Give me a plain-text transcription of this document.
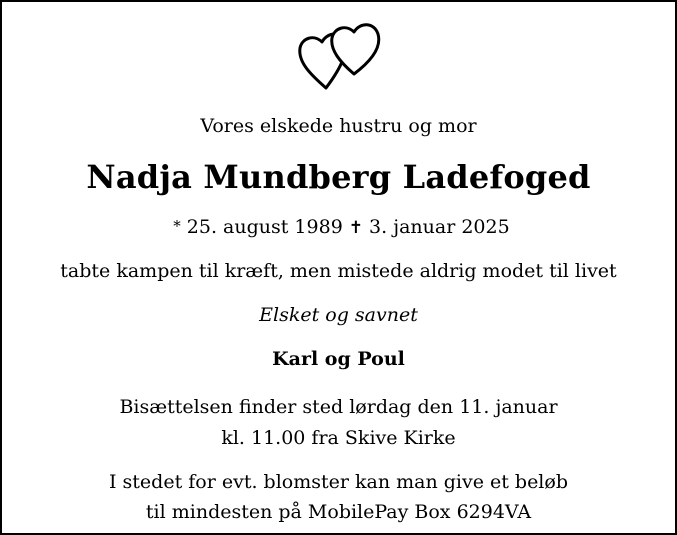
Vores elskede hustru og mor
Nadja Mundberg Ladefoged
* 25. august 1989 ✝ 3. januar 2025
tabte kampen til kræft, men mistede aldrig modet til livet
Elsket og savnet
Karl og Poul
Bisættelsen finder sted lørdag den 11. januar
kl. 11.00 fra Skive Kirke
I stedet for evt. blomster kan man give et beløb
til mindesten på MobilePay Box 6294VA
